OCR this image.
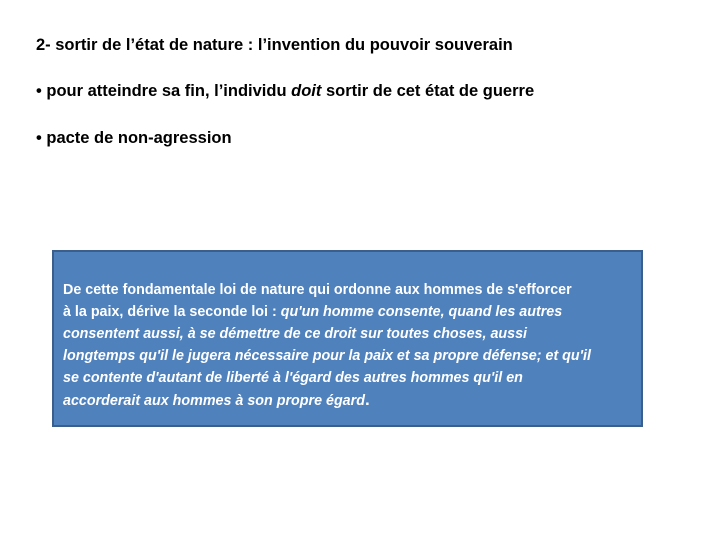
2- sortir de l’état de nature : l’invention du pouvoir souverain
• pour atteindre sa fin, l’individu doit sortir de cet état de guerre
• pacte de non-agression
De cette fondamentale loi de nature qui ordonne aux hommes de s'efforcer
à la paix, dérive la seconde loi : qu'un homme consente, quand les autres
consentent aussi, à se démettre de ce droit sur toutes choses, aussi
longtemps qu'il le jugera nécessaire pour la paix et sa propre défense; et qu'il
se contente d'autant de liberté à l'égard des autres hommes qu'il en
accorderait aux hommes à son propre égard.
